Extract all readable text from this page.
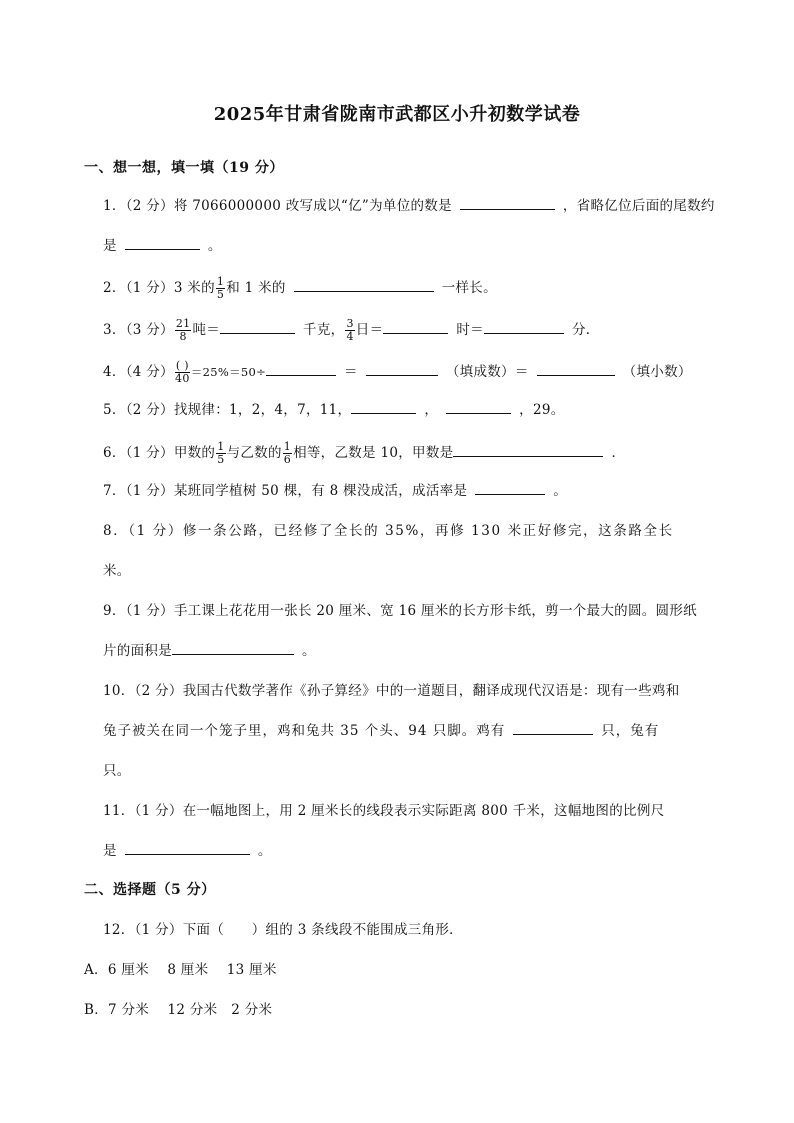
2025年甘肃省陇南市武都区小升初数学试卷
一、想一想，填一填（19 分）
1．（2 分）将 7066000000 改写成以“亿”为单位的数是	，省略亿位后面的尾数约
是	。
2．（1 分）3 米的 $\frac{1}{5}$ 和 1 米的	一样长。
3．（3 分） $\frac{21}{8}$ 吨＝	千克， $\frac{3}{4}$ 日＝	时＝	分．
4．（4 分） $\frac{( )}{40} =25\%=50\div$	＝	（填成数）＝	（填小数）
5．（2 分）找规律：1，2，4，7，11，	，	，29。
6．（1 分）甲数的 $\frac{1}{5}$ 与乙数的 $\frac{1}{6}$ 相等，乙数是 10，甲数是	．
7．（1 分）某班同学植树 50 棵，有 8 棵没成活，成活率是	。
8．（1 分）修一条公路，已经修了全长的 35%，再修 130 米正好修完，这条路全长
米。
9．（1 分）手工课上花花用一张长 20 厘米、宽 16 厘米的长方形卡纸，剪一个最大的圆。圆形纸
片的面积是	。
10．（2 分）我国古代数学著作《孙子算经》中的一道题目，翻译成现代汉语是：现有一些鸡和
兔子被关在同一个笼子里，鸡和兔共 35 个头、94 只脚。鸡有	只，兔有
只。
11．（1 分）在一幅地图上，用 2 厘米长的线段表示实际距离 800 千米，这幅地图的比例尺
是	。
二、选择题（5 分）
12．（1 分）下面（　　）组的 3 条线段不能围成三角形．
A．6 厘米　 8 厘米　 13 厘米
B．7 分米　 12 分米　2 分米
